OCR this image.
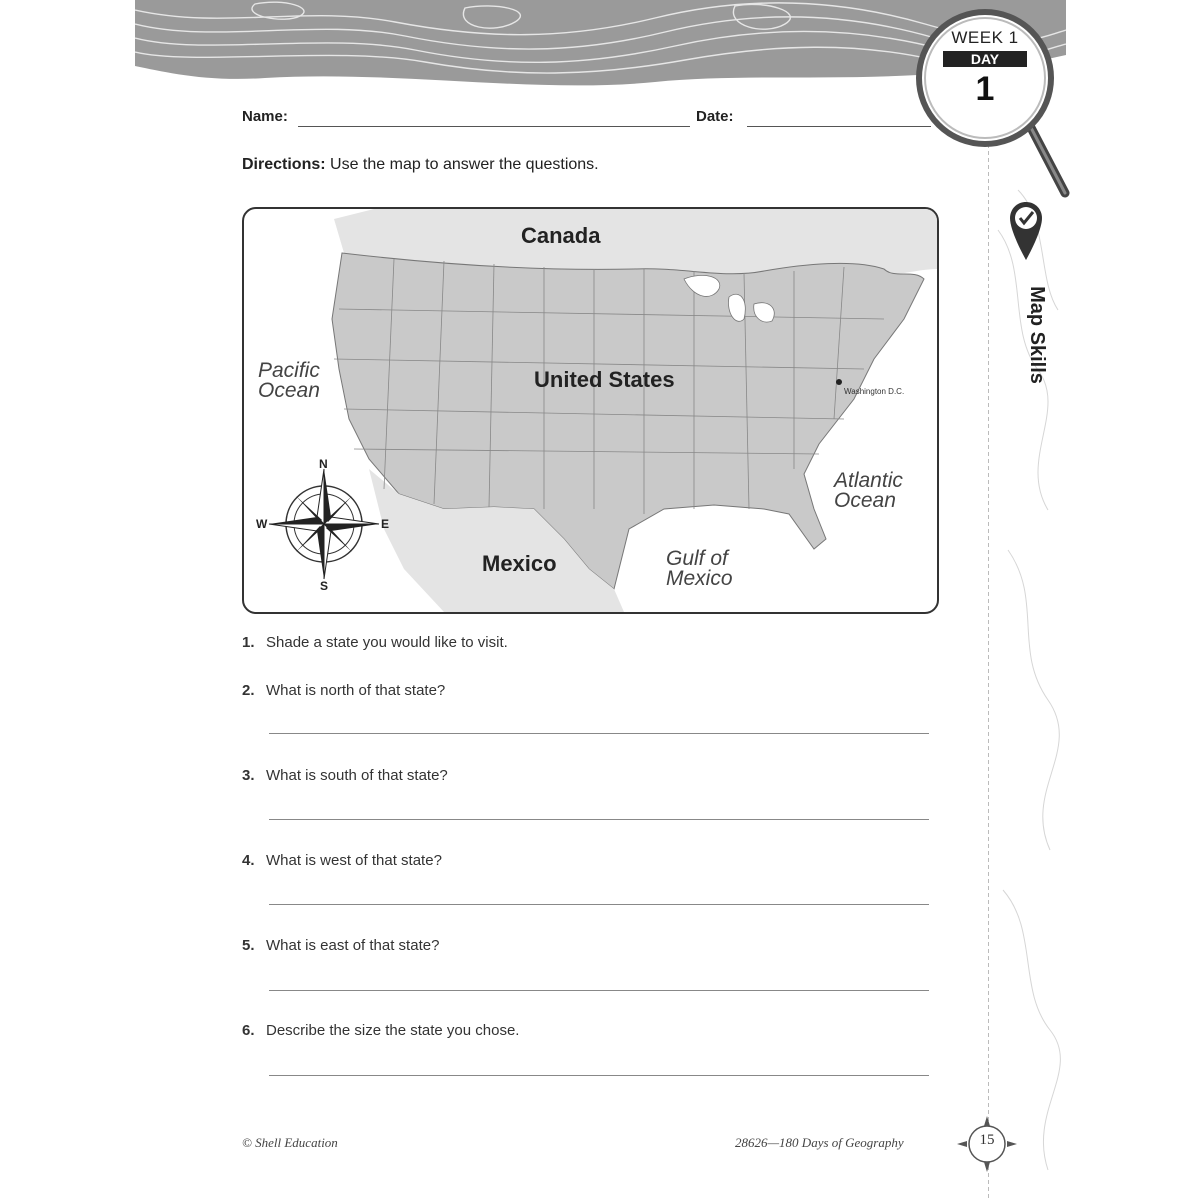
WEEK 1
DAY
1
Map Skills
Name:	Date:
Directions: Use the map to answer the questions.
Canada
United States
Mexico
Pacific Ocean
Atlantic Ocean
Gulf of Mexico
Washington D.C.
N
S
E
W
1. Shade a state you would like to visit.
2. What is north of that state?
3. What is south of that state?
4. What is west of that state?
5. What is east of that state?
6. Describe the size the state you chose.
© Shell Education	28626—180 Days of Geography	15
